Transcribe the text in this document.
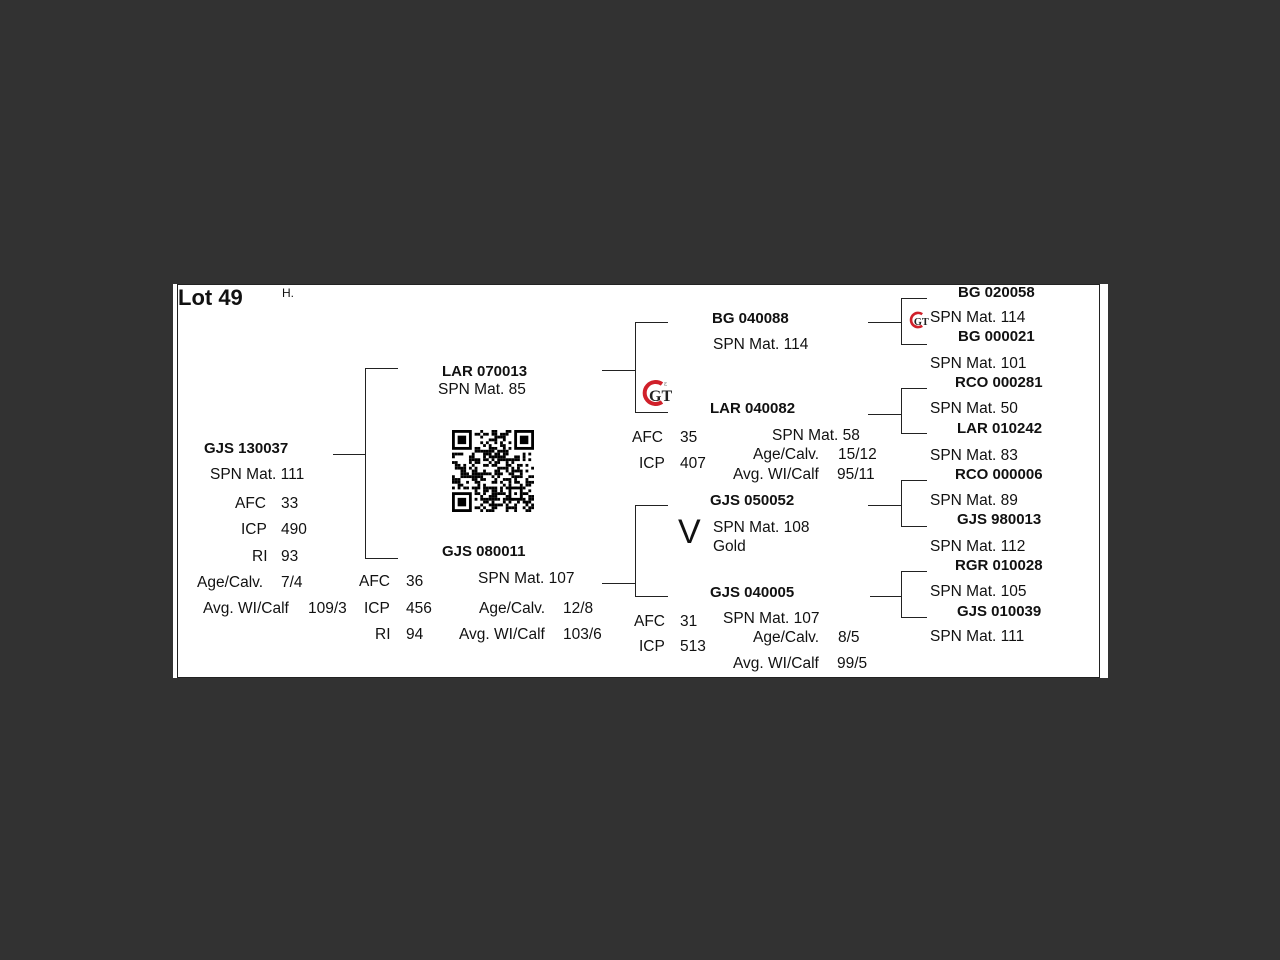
Lot 49	H.
GJS 130037
SPN Mat. 111
AFC 33
ICP 490
RI 93
Age/Calv. 7/4
Avg. WI/Calf 109/3
LAR 070013
SPN Mat. 85
GJS 080011
SPN Mat. 107
AFC 36
ICP 456
RI 94
Age/Calv. 12/8
Avg. WI/Calf 103/6
GT
ε
BG 040088
SPN Mat. 114
LAR 040082
SPN Mat. 58
AFC 35
ICP 407
Age/Calv. 15/12
Avg. WI/Calf 95/11
V
GJS 050052
SPN Mat. 108
Gold
GJS 040005
SPN Mat. 107
AFC 31
ICP 513
Age/Calv. 8/5
Avg. WI/Calf 99/5
GT
BG 020058
SPN Mat. 114
BG 000021
SPN Mat. 101
RCO 000281
SPN Mat. 50
LAR 010242
SPN Mat. 83
RCO 000006
SPN Mat. 89
GJS 980013
SPN Mat. 112
RGR 010028
SPN Mat. 105
GJS 010039
SPN Mat. 111
